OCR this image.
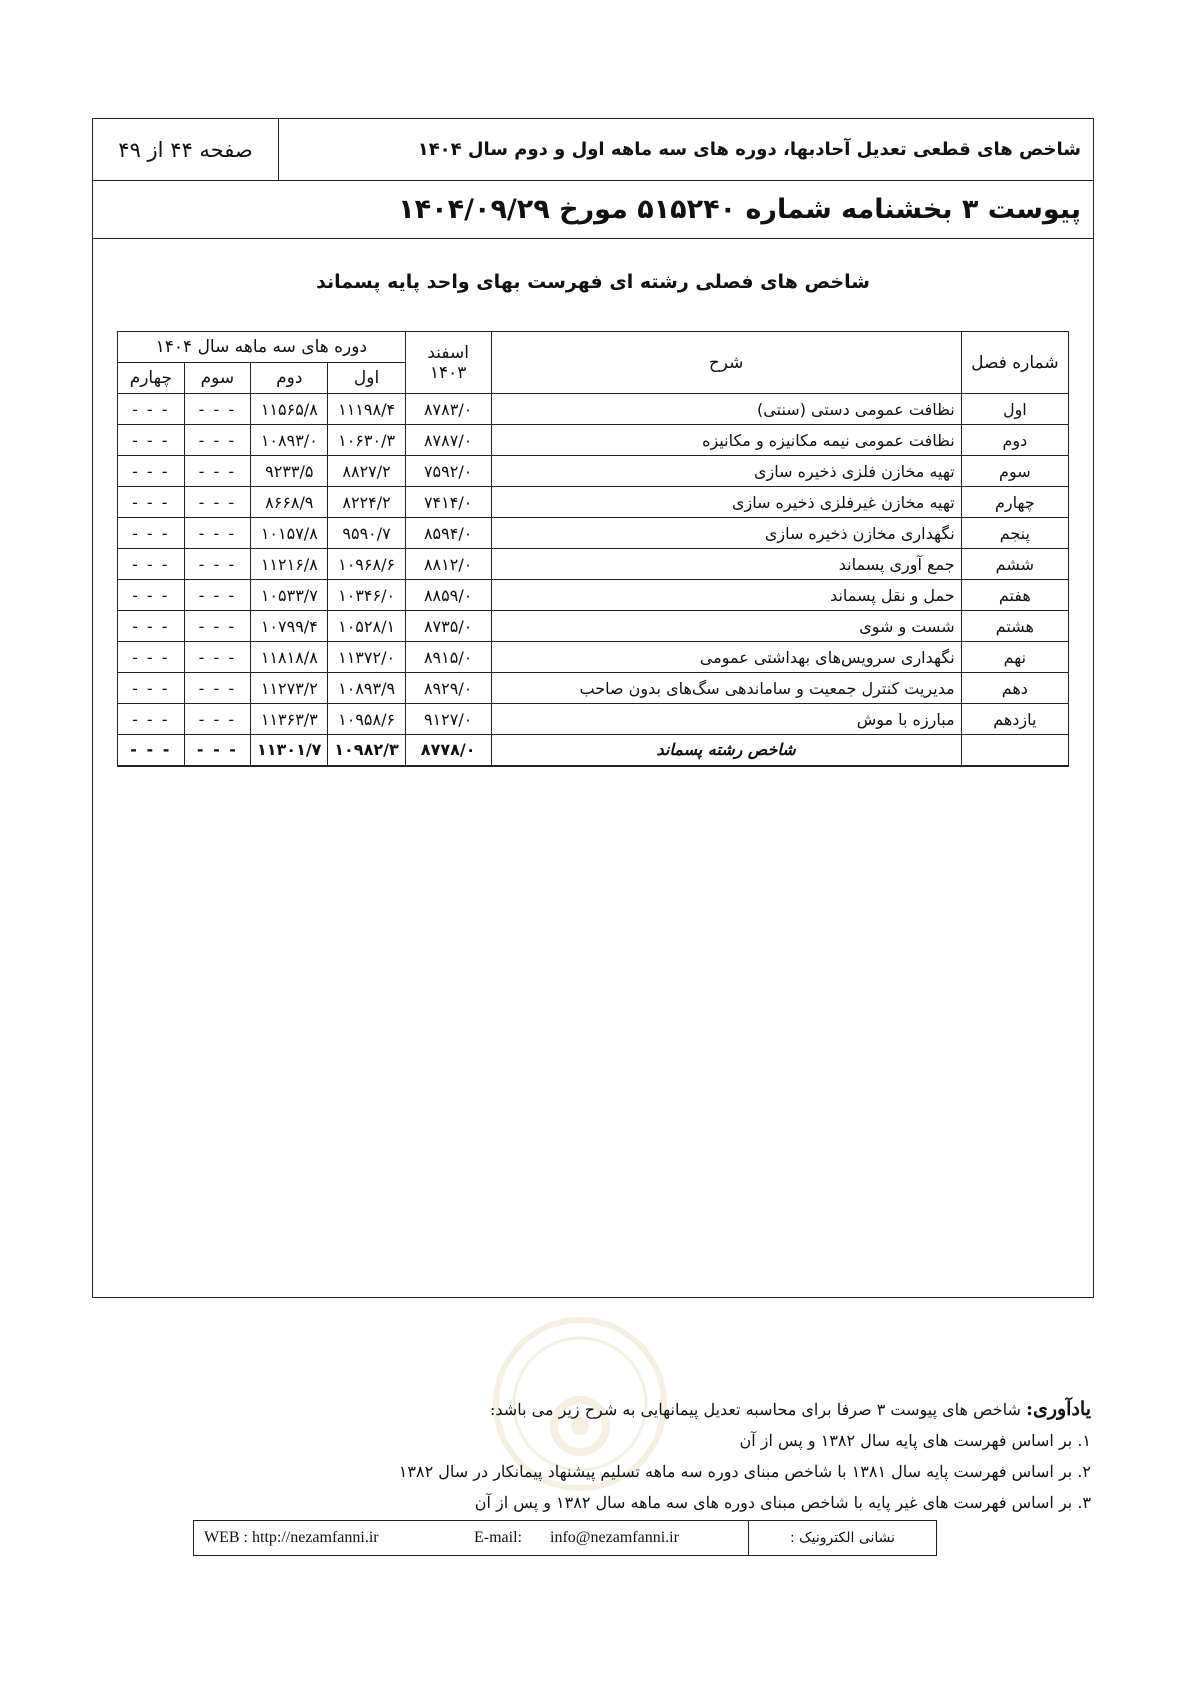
صفحه ۴۴ از ۴۹	شاخص های قطعی تعدیل آحادبها، دوره های سه ماهه اول و دوم سال ۱۴۰۴
پیوست ۳ بخشنامه شماره ۵۱۵۲۴۰ مورخ ۱۴۰۴/۰۹/۲۹
شاخص های فصلی رشته ای فهرست بهای واحد پایه پسماند
شماره فصل	شرح	اسفند ۱۴۰۳	دوره های سه ماهه سال ۱۴۰۴			
			اول	دوم	سوم	چهارم
اول	نظافت عمومی دستی (سنتی)	۸۷۸۳/۰	۱۱۱۹۸/۴	۱۱۵۶۵/۸	- - -	- - -
دوم	نظافت عمومی نیمه مکانیزه و مکانیزه	۸۷۸۷/۰	۱۰۶۳۰/۳	۱۰۸۹۳/۰	- - -	- - -
سوم	تهیه مخازن فلزی ذخیره سازی	۷۵۹۲/۰	۸۸۲۷/۲	۹۲۳۳/۵	- - -	- - -
چهارم	تهیه مخازن غیرفلزی ذخیره سازی	۷۴۱۴/۰	۸۲۲۴/۲	۸۶۶۸/۹	- - -	- - -
پنجم	نگهداری مخازن ذخیره سازی	۸۵۹۴/۰	۹۵۹۰/۷	۱۰۱۵۷/۸	- - -	- - -
ششم	جمع آوری پسماند	۸۸۱۲/۰	۱۰۹۶۸/۶	۱۱۲۱۶/۸	- - -	- - -
هفتم	حمل و نقل پسماند	۸۸۵۹/۰	۱۰۳۴۶/۰	۱۰۵۳۳/۷	- - -	- - -
هشتم	شست و شوی	۸۷۳۵/۰	۱۰۵۲۸/۱	۱۰۷۹۹/۴	- - -	- - -
نهم	نگهداری سرویس‌های بهداشتی عمومی	۸۹۱۵/۰	۱۱۳۷۲/۰	۱۱۸۱۸/۸	- - -	- - -
دهم	مدیریت کنترل جمعیت و ساماندهی سگ‌های بدون صاحب	۸۹۲۹/۰	۱۰۸۹۳/۹	۱۱۲۷۳/۲	- - -	- - -
یازدهم	مبارزه با موش	۹۱۲۷/۰	۱۰۹۵۸/۶	۱۱۳۶۳/۳	- - -	- - -
	شاخص رشته پسماند	۸۷۷۸/۰	۱۰۹۸۲/۳	۱۱۳۰۱/۷	- - -	- - -
یادآوری: شاخص های پیوست ۳ صرفا برای محاسبه تعدیل پیمانهایی به شرح زیر می باشد:
۱. بر اساس فهرست های پایه سال ۱۳۸۲ و پس از آن
۲. بر اساس فهرست پایه سال ۱۳۸۱ با شاخص مبنای دوره سه ماهه تسلیم پیشنهاد پیمانکار در سال ۱۳۸۲
۳. بر اساس فهرست های غیر پایه با شاخص مبنای دوره های سه ماهه سال ۱۳۸۲ و پس از آن
نشانی الکترونیک :
WEB : http://nezamfanni.ir	E-mail: info@nezamfanni.ir
